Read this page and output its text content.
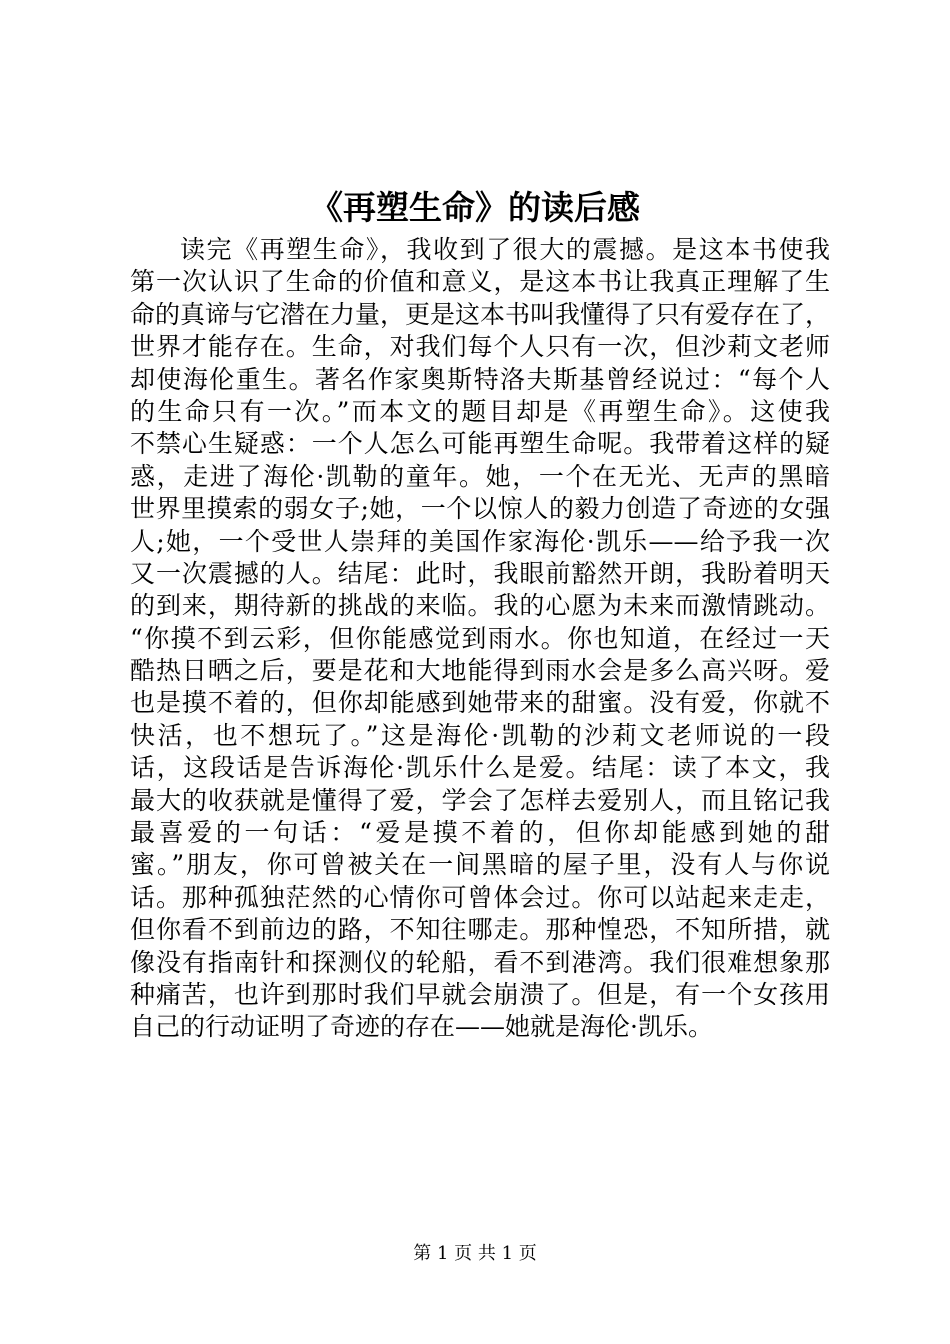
《再塑生命》的读后感
读完《再塑生命》，我收到了很大的震撼。是这本书使我
第一次认识了生命的价值和意义，是这本书让我真正理解了生
命的真谛与它潜在力量，更是这本书叫我懂得了只有爱存在了，
世界才能存在。生命，对我们每个人只有一次，但沙莉文老师
却使海伦重生。著名作家奥斯特洛夫斯基曾经说过：“每个人
的生命只有一次。”而本文的题目却是《再塑生命》。这使我
不禁心生疑惑：一个人怎么可能再塑生命呢。我带着这样的疑
惑，走进了海伦·凯勒的童年。她，一个在无光、无声的黑暗
世界里摸索的弱女子;她，一个以惊人的毅力创造了奇迹的女强
人;她，一个受世人崇拜的美国作家海伦·凯乐——给予我一次
又一次震撼的人。结尾：此时，我眼前豁然开朗，我盼着明天
的到来，期待新的挑战的来临。我的心愿为未来而激情跳动。
“你摸不到云彩，但你能感觉到雨水。你也知道，在经过一天
酷热日晒之后，要是花和大地能得到雨水会是多么高兴呀。爱
也是摸不着的，但你却能感到她带来的甜蜜。没有爱，你就不
快活，也不想玩了。”这是海伦·凯勒的沙莉文老师说的一段
话，这段话是告诉海伦·凯乐什么是爱。结尾：读了本文，我
最大的收获就是懂得了爱，学会了怎样去爱别人，而且铭记我
最喜爱的一句话：“爱是摸不着的，但你却能感到她的甜
蜜。”朋友，你可曾被关在一间黑暗的屋子里，没有人与你说
话。那种孤独茫然的心情你可曾体会过。你可以站起来走走，
但你看不到前边的路，不知往哪走。那种惶恐，不知所措，就
像没有指南针和探测仪的轮船，看不到港湾。我们很难想象那
种痛苦，也许到那时我们早就会崩溃了。但是，有一个女孩用
自己的行动证明了奇迹的存在——她就是海伦·凯乐。
第 1 页 共 1 页
